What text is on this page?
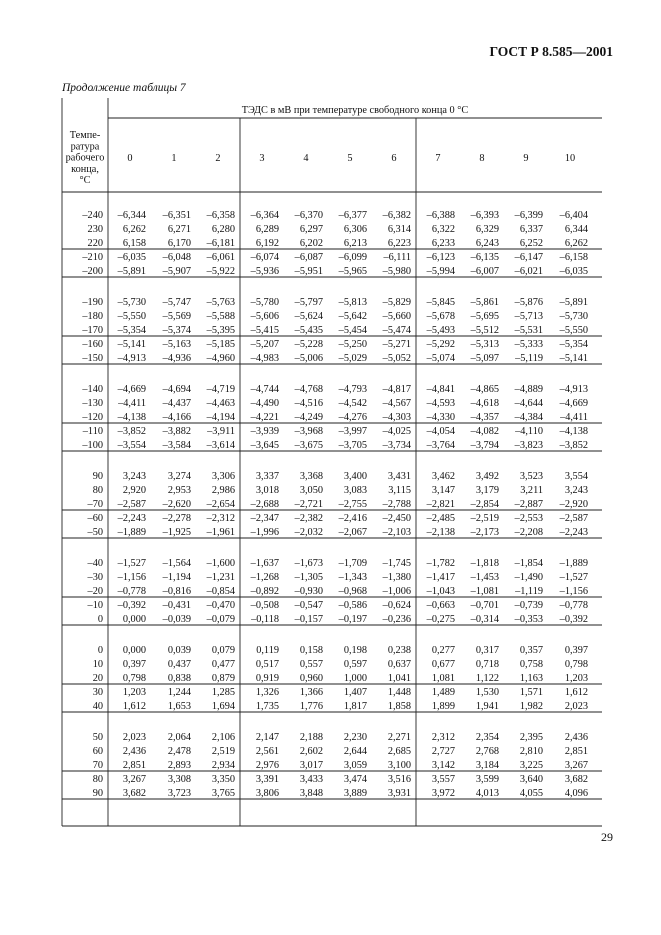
ГОСТ Р 8.585—2001
Продолжение таблицы 7
ТЭДС в мВ при температуре свободного конца 0 °С
Темпе-
ратура
рабочего
конца,
°С
0	1	2	3	4	5	6	7	8	9	10
–240 –6,344 –6,351 –6,358 –6,364 –6,370 –6,377 –6,382 –6,388 –6,393 –6,399 –6,404
230 6,262 6,271 6,280 6,289 6,297 6,306 6,314 6,322 6,329 6,337 6,344
220 6,158 6,170 –6,181 6,192 6,202 6,213 6,223 6,233 6,243 6,252 6,262
–210 –6,035 –6,048 –6,061 –6,074 –6,087 –6,099 –6,111 –6,123 –6,135 –6,147 –6,158
–200 –5,891 –5,907 –5,922 –5,936 –5,951 –5,965 –5,980 –5,994 –6,007 –6,021 –6,035
–190 –5,730 –5,747 –5,763 –5,780 –5,797 –5,813 –5,829 –5,845 –5,861 –5,876 –5,891
–180 –5,550 –5,569 –5,588 –5,606 –5,624 –5,642 –5,660 –5,678 –5,695 –5,713 –5,730
–170 –5,354 –5,374 –5,395 –5,415 –5,435 –5,454 –5,474 –5,493 –5,512 –5,531 –5,550
–160 –5,141 –5,163 –5,185 –5,207 –5,228 –5,250 –5,271 –5,292 –5,313 –5,333 –5,354
–150 –4,913 –4,936 –4,960 –4,983 –5,006 –5,029 –5,052 –5,074 –5,097 –5,119 –5,141
–140 –4,669 –4,694 –4,719 –4,744 –4,768 –4,793 –4,817 –4,841 –4,865 –4,889 –4,913
–130 –4,411 –4,437 –4,463 –4,490 –4,516 –4,542 –4,567 –4,593 –4,618 –4,644 –4,669
–120 –4,138 –4,166 –4,194 –4,221 –4,249 –4,276 –4,303 –4,330 –4,357 –4,384 –4,411
–110 –3,852 –3,882 –3,911 –3,939 –3,968 –3,997 –4,025 –4,054 –4,082 –4,110 –4,138
–100 –3,554 –3,584 –3,614 –3,645 –3,675 –3,705 –3,734 –3,764 –3,794 –3,823 –3,852
90 3,243 3,274 3,306 3,337 3,368 3,400 3,431 3,462 3,492 3,523 3,554
80 2,920 2,953 2,986 3,018 3,050 3,083 3,115 3,147 3,179 3,211 3,243
–70 –2,587 –2,620 –2,654 –2,688 –2,721 –2,755 –2,788 –2,821 –2,854 –2,887 –2,920
–60 –2,243 –2,278 –2,312 –2,347 –2,382 –2,416 –2,450 –2,485 –2,519 –2,553 –2,587
–50 –1,889 –1,925 –1,961 –1,996 –2,032 –2,067 –2,103 –2,138 –2,173 –2,208 –2,243
–40 –1,527 –1,564 –1,600 –1,637 –1,673 –1,709 –1,745 –1,782 –1,818 –1,854 –1,889
–30 –1,156 –1,194 –1,231 –1,268 –1,305 –1,343 –1,380 –1,417 –1,453 –1,490 –1,527
–20 –0,778 –0,816 –0,854 –0,892 –0,930 –0,968 –1,006 –1,043 –1,081 –1,119 –1,156
–10 –0,392 –0,431 –0,470 –0,508 –0,547 –0,586 –0,624 –0,663 –0,701 –0,739 –0,778
0 0,000 –0,039 –0,079 –0,118 –0,157 –0,197 –0,236 –0,275 –0,314 –0,353 –0,392
0 0,000 0,039 0,079 0,119 0,158 0,198 0,238 0,277 0,317 0,357 0,397
10 0,397 0,437 0,477 0,517 0,557 0,597 0,637 0,677 0,718 0,758 0,798
20 0,798 0,838 0,879 0,919 0,960 1,000 1,041 1,081 1,122 1,163 1,203
30 1,203 1,244 1,285 1,326 1,366 1,407 1,448 1,489 1,530 1,571 1,612
40 1,612 1,653 1,694 1,735 1,776 1,817 1,858 1,899 1,941 1,982 2,023
50 2,023 2,064 2,106 2,147 2,188 2,230 2,271 2,312 2,354 2,395 2,436
60 2,436 2,478 2,519 2,561 2,602 2,644 2,685 2,727 2,768 2,810 2,851
70 2,851 2,893 2,934 2,976 3,017 3,059 3,100 3,142 3,184 3,225 3,267
80 3,267 3,308 3,350 3,391 3,433 3,474 3,516 3,557 3,599 3,640 3,682
90 3,682 3,723 3,765 3,806 3,848 3,889 3,931 3,972 4,013 4,055 4,096
29
